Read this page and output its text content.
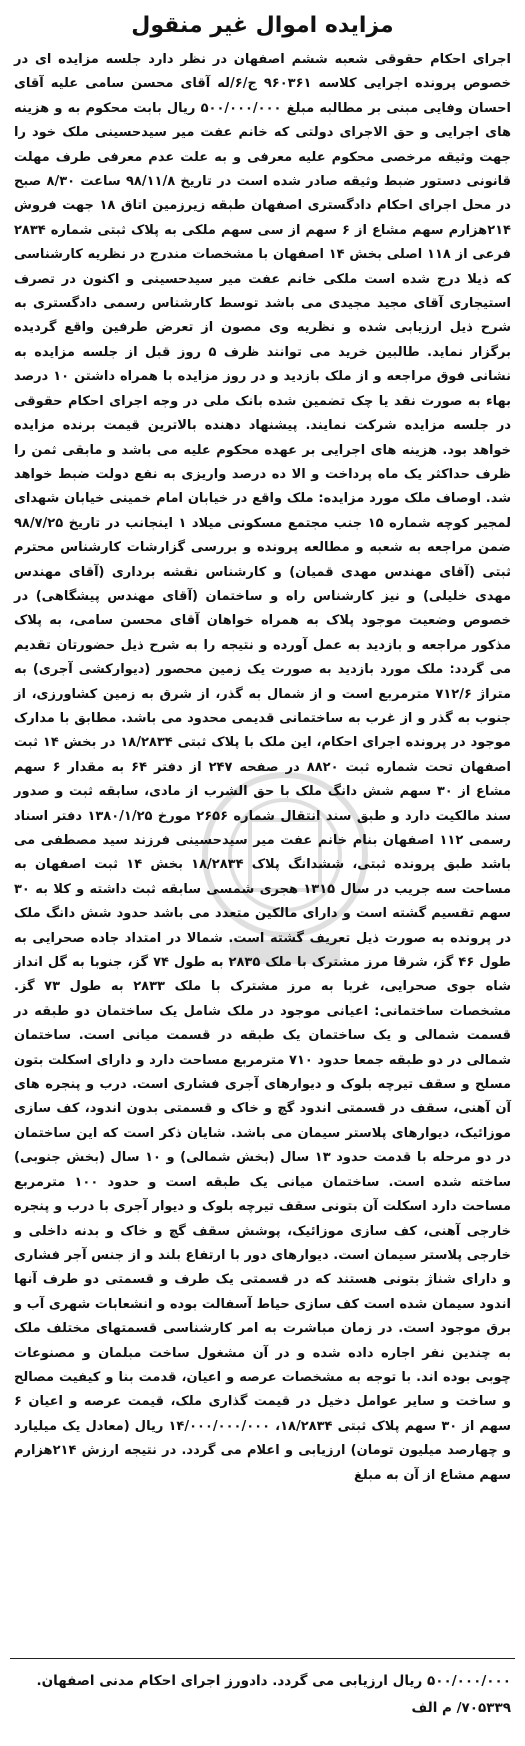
مزایده اموال غیر منقول

اجرای احکام حقوقی شعبه ششم اصفهان در نظر دارد جلسه مزایده ای در خصوص پرونده اجرایی کلاسه ۹۶۰۳۶۱ ج/۶/له آقای محسن سامی علیه آقای احسان وفایی مبنی بر مطالبه مبلغ ۵۰۰/۰۰۰/۰۰۰ ریال بابت محکوم به و هزینه های اجرایی و حق الاجرای دولتی که خانم عفت میر سیدحسینی ملک خود را جهت وثیقه مرخصی محکوم علیه معرفی و به علت عدم معرفی طرف مهلت قانونی دستور ضبط وثیقه صادر شده است در تاریخ ۹۸/۱۱/۸ ساعت ۸/۳۰ صبح در محل اجرای احکام دادگستری اصفهان طبقه زیرزمین اتاق ۱۸ جهت فروش ۲۱۴هزارم سهم مشاع از ۶ سهم از سی سهم ملکی به پلاک ثبتی شماره ۲۸۳۴ فرعی از ۱۱۸ اصلی بخش ۱۴ اصفهان با مشخصات مندرج در نظریه کارشناسی که ذیلا درج شده است ملکی خانم عفت میر سیدحسینی و اکنون در تصرف استیجاری آقای مجید مجیدی می باشد توسط کارشناس رسمی دادگستری به شرح ذیل ارزیابی شده و نظریه وی مصون از تعرض طرفین واقع گردیده برگزار نماید. طالبین خرید می توانند ظرف ۵ روز قبل از جلسه مزایده به نشانی فوق مراجعه و از ملک بازدید و در روز مزایده با همراه داشتن ۱۰ درصد بهاء به صورت نقد یا چک تضمین شده بانک ملی در وجه اجرای احکام حقوقی در جلسه مزایده شرکت نمایند. پیشنهاد دهنده بالاترین قیمت برنده مزایده خواهد بود. هزینه های اجرایی بر عهده محکوم علیه می باشد و مابقی ثمن را ظرف حداکثر یک ماه پرداخت و الا ده درصد واریزی به نفع دولت ضبط خواهد شد. اوصاف ملک مورد مزایده: ملک واقع در خیابان امام خمینی خیابان شهدای لمجیر کوچه شماره ۱۵ جنب مجتمع مسکونی میلاد ۱ اینجانب در تاریخ ۹۸/۷/۲۵ ضمن مراجعه به شعبه و مطالعه پرونده و بررسی گزارشات کارشناس محترم ثبتی (آقای مهندس مهدی قمیان) و کارشناس نقشه برداری (آقای مهندس مهدی خلیلی) و نیز کارشناس راه و ساختمان (آقای مهندس پیشگاهی) در خصوص وضعیت موجود پلاک به همراه خواهان آقای محسن سامی، به پلاک مذکور مراجعه و بازدید به عمل آورده و نتیجه را به شرح ذیل حضورتان تقدیم می گردد: ملک مورد بازدید به صورت یک زمین محصور (دیوارکشی آجری) به متراژ ۷۱۲/۶ مترمربع است و از شمال به گذر، از شرق به زمین کشاورزی، از جنوب به گذر و از غرب به ساختمانی قدیمی محدود می باشد. مطابق با مدارک موجود در پرونده اجرای احکام، این ملک با پلاک ثبتی ۱۸/۲۸۳۴ در بخش ۱۴ ثبت اصفهان تحت شماره ثبت ۸۸۲۰ در صفحه ۲۴۷ از دفتر ۶۴ به مقدار ۶ سهم مشاع از ۳۰ سهم شش دانگ ملک با حق الشرب از مادی، سابقه ثبت و صدور سند مالکیت دارد و طبق سند انتقال شماره ۲۶۵۶ مورخ ۱۳۸۰/۱/۲۵ دفتر اسناد رسمی ۱۱۲ اصفهان بنام خانم عفت میر سیدحسینی فرزند سید مصطفی می باشد طبق پرونده ثبتی، ششدانگ پلاک ۱۸/۲۸۳۴ بخش ۱۴ ثبت اصفهان به مساحت سه جریب در سال ۱۳۱۵ هجری شمسی سابقه ثبت داشته و کلا به ۳۰ سهم تقسیم گشته است و دارای مالکین متعدد می باشد حدود شش دانگ ملک در پرونده به صورت ذیل تعریف گشته است. شمالا در امتداد جاده صحرایی به طول ۴۶ گز، شرقا مرز مشترک با ملک ۲۸۳۵ به طول ۷۴ گز، جنوبا به گل انداز شاه جوی صحرایی، غربا به مرز مشترک با ملک ۲۸۳۳ به طول ۷۳ گز. مشخصات ساختمانی: اعیانی موجود در ملک شامل یک ساختمان دو طبقه در قسمت شمالی و یک ساختمان یک طبقه در قسمت میانی است. ساختمان شمالی در دو طبقه جمعا حدود ۷۱۰ مترمربع مساحت دارد و دارای اسکلت بتون مسلح و سقف تیرچه بلوک و دیوارهای آجری فشاری است. درب و پنجره های آن آهنی، سقف در قسمتی اندود گچ و خاک و قسمتی بدون اندود، کف سازی موزائیک، دیوارهای پلاستر سیمان می باشد. شایان ذکر است که این ساختمان در دو مرحله با قدمت حدود ۱۳ سال (بخش شمالی) و ۱۰ سال (بخش جنوبی) ساخته شده است. ساختمان میانی یک طبقه است و حدود ۱۰۰ مترمربع مساحت دارد اسکلت آن بتونی سقف تیرچه بلوک و دیوار آجری با درب و پنجره خارجی آهنی، کف سازی موزائیک، پوشش سقف گچ و خاک و بدنه داخلی و خارجی پلاستر سیمان است. دیوارهای دور با ارتفاع بلند و از جنس آجر فشاری و دارای شناژ بتونی هستند که در قسمتی یک طرف و قسمتی دو طرف آنها اندود سیمان شده است کف سازی حیاط آسفالت بوده و انشعابات شهری آب و برق موجود است. در زمان مباشرت به امر کارشناسی قسمتهای مختلف ملک به چندین نفر اجاره داده شده و در آن مشغول ساخت مبلمان و مصنوعات چوبی بوده اند. با توجه به مشخصات عرصه و اعیان، قدمت بنا و کیفیت مصالح و ساخت و سایر عوامل دخیل در قیمت گذاری ملک، قیمت عرصه و اعیان ۶ سهم از ۳۰ سهم پلاک ثبتی ۱۸/۲۸۳۴، ۱۴/۰۰۰/۰۰۰/۰۰۰ ریال (معادل یک میلیارد و چهارصد میلیون تومان) ارزیابی و اعلام می گردد. در نتیجه ارزش ۲۱۴هزارم سهم مشاع از آن به مبلغ

۵۰۰/۰۰۰/۰۰۰ ریال ارزیابی می گردد. دادورز اجرای احکام مدنی اصفهان.
۷۰۵۳۳۹/ م الف
